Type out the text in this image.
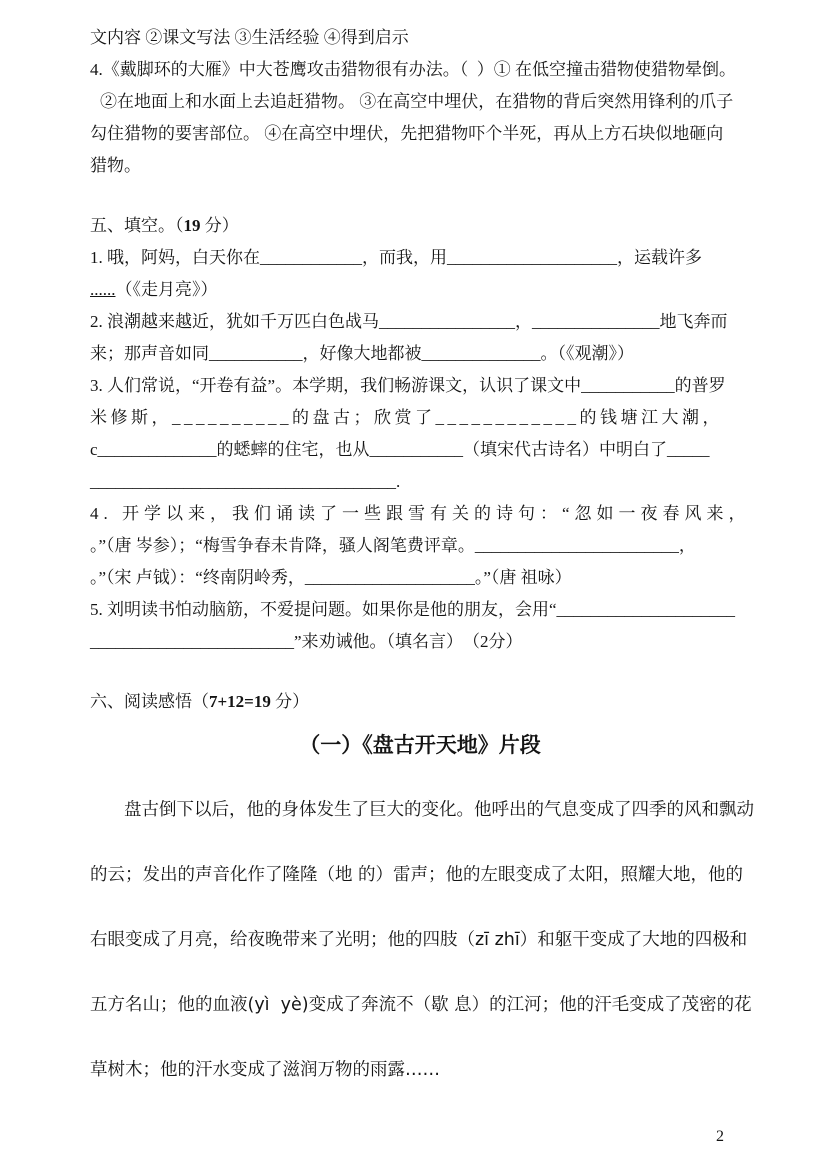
文内容 ②课文写法 ③生活经验 ④得到启示
4.《戴脚环的大雁》中大苍鹰攻击猎物很有办法。（  ）① 在低空撞击猎物使猎物晕倒。
②在地面上和水面上去追赶猎物。 ③在高空中埋伏，在猎物的背后突然用锋利的爪子
勾住猎物的要害部位。 ④在高空中埋伏，先把猎物吓个半死，再从上方石块似地砸向
猎物。
五、填空。（19 分）
1. 哦，阿妈，白天你在____________，而我，用____________________，运载许多
......（《走月亮》）
2. 浪潮越来越近，犹如千万匹白色战马________________，_______________地飞奔而
来；那声音如同___________，好像大地都被______________。（《观潮》）
3. 人们常说，“开卷有益”。本学期，我们畅游课文，认识了课文中___________的普罗
米修斯，__________的盘古；欣赏了____________的钱塘江大潮，
c______________的蟋蟀的住宅，也从___________（填宋代古诗名）中明白了_____
____________________________________.
4. 开学以来，我们诵读了一些跟雪有关的诗句：“忽如一夜春风来，
。”（唐 岑参）；“梅雪争春未肯降，骚人阁笔费评章。________________________，
。”（宋 卢钺）：“终南阴岭秀，____________________。”（唐 祖咏）
5. 刘明读书怕动脑筋，不爱提问题。如果你是他的朋友，会用“_____________________
________________________”来劝诫他。（填名言）　（2分）
六、阅读感悟（7+12=19 分）
（一）《盘古开天地》片段
盘古倒下以后，他的身体发生了巨大的变化。他呼出的气息变成了四季的风和飘动
的云；发出的声音化作了隆隆（地 的）雷声；他的左眼变成了太阳，照耀大地，他的
右眼变成了月亮，给夜晚带来了光明；他的四肢（zī zhī）和躯干变成了大地的四极和
五方名山；他的血液(yì  yè)变成了奔流不（歇 息）的江河；他的汗毛变成了茂密的花
草树木；他的汗水变成了滋润万物的雨露……
2
